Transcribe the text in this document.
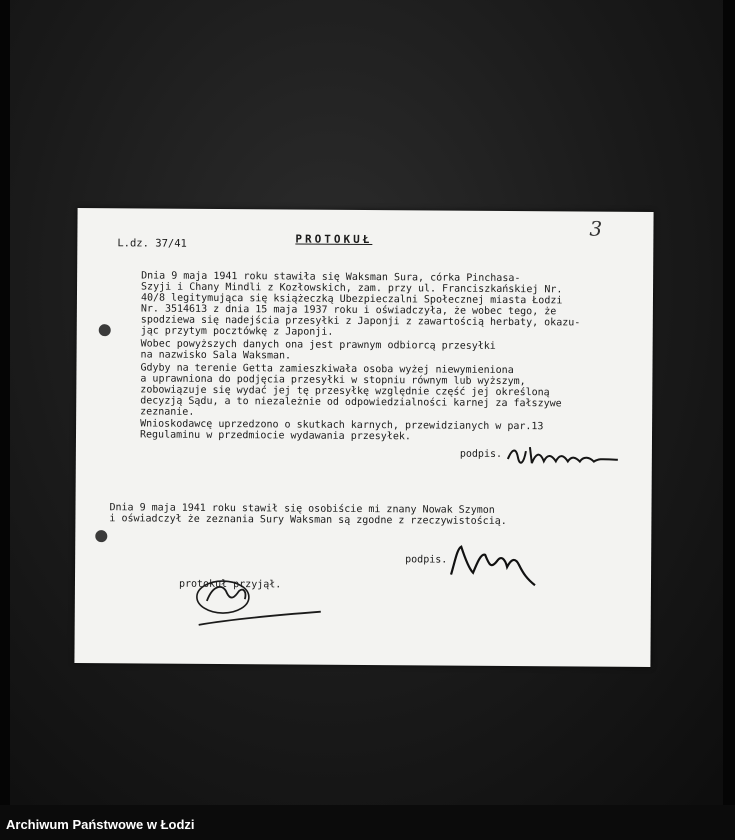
L.dz. 37/41	PROTOKUŁ	3
Dnia 9 maja 1941 roku stawiła się Waksman Sura, córka Pinchasa-
Szyji i Chany Mindli z Kozłowskich, zam. przy ul. Franciszkańskiej Nr.
40/8 legitymująca się książeczką Ubezpieczalni Społecznej miasta Łodzi
Nr. 3514613 z dnia 15 maja 1937 roku i oświadczyła, że wobec tego, że
spodziewa się nadejścia przesyłki z Japonji z zawartością herbaty, okazu-
jąc przytym pocztówkę z Japonji.
Wobec powyższych danych ona jest prawnym odbiorcą przesyłki
na nazwisko Sala Waksman.
Gdyby na terenie Getta zamieszkiwała osoba wyżej niewymieniona
a uprawniona do podjęcia przesyłki w stopniu równym lub wyższym,
zobowiązuje się wydać jej tę przesyłkę względnie część jej określoną
decyzją Sądu, a to niezależnie od odpowiedzialności karnej za fałszywe
zeznanie.
Wnioskodawcę uprzedzono o skutkach karnych, przewidzianych w par.13
Regulaminu w przedmiocie wydawania przesyłek.
podpis.
Dnia 9 maja 1941 roku stawił się osobiście mi znany Nowak Szymon
i oświadczył że zeznania Sury Waksman są zgodne z rzeczywistością.
podpis.
protokuł przyjął.
Archiwum Państwowe w Łodzi
